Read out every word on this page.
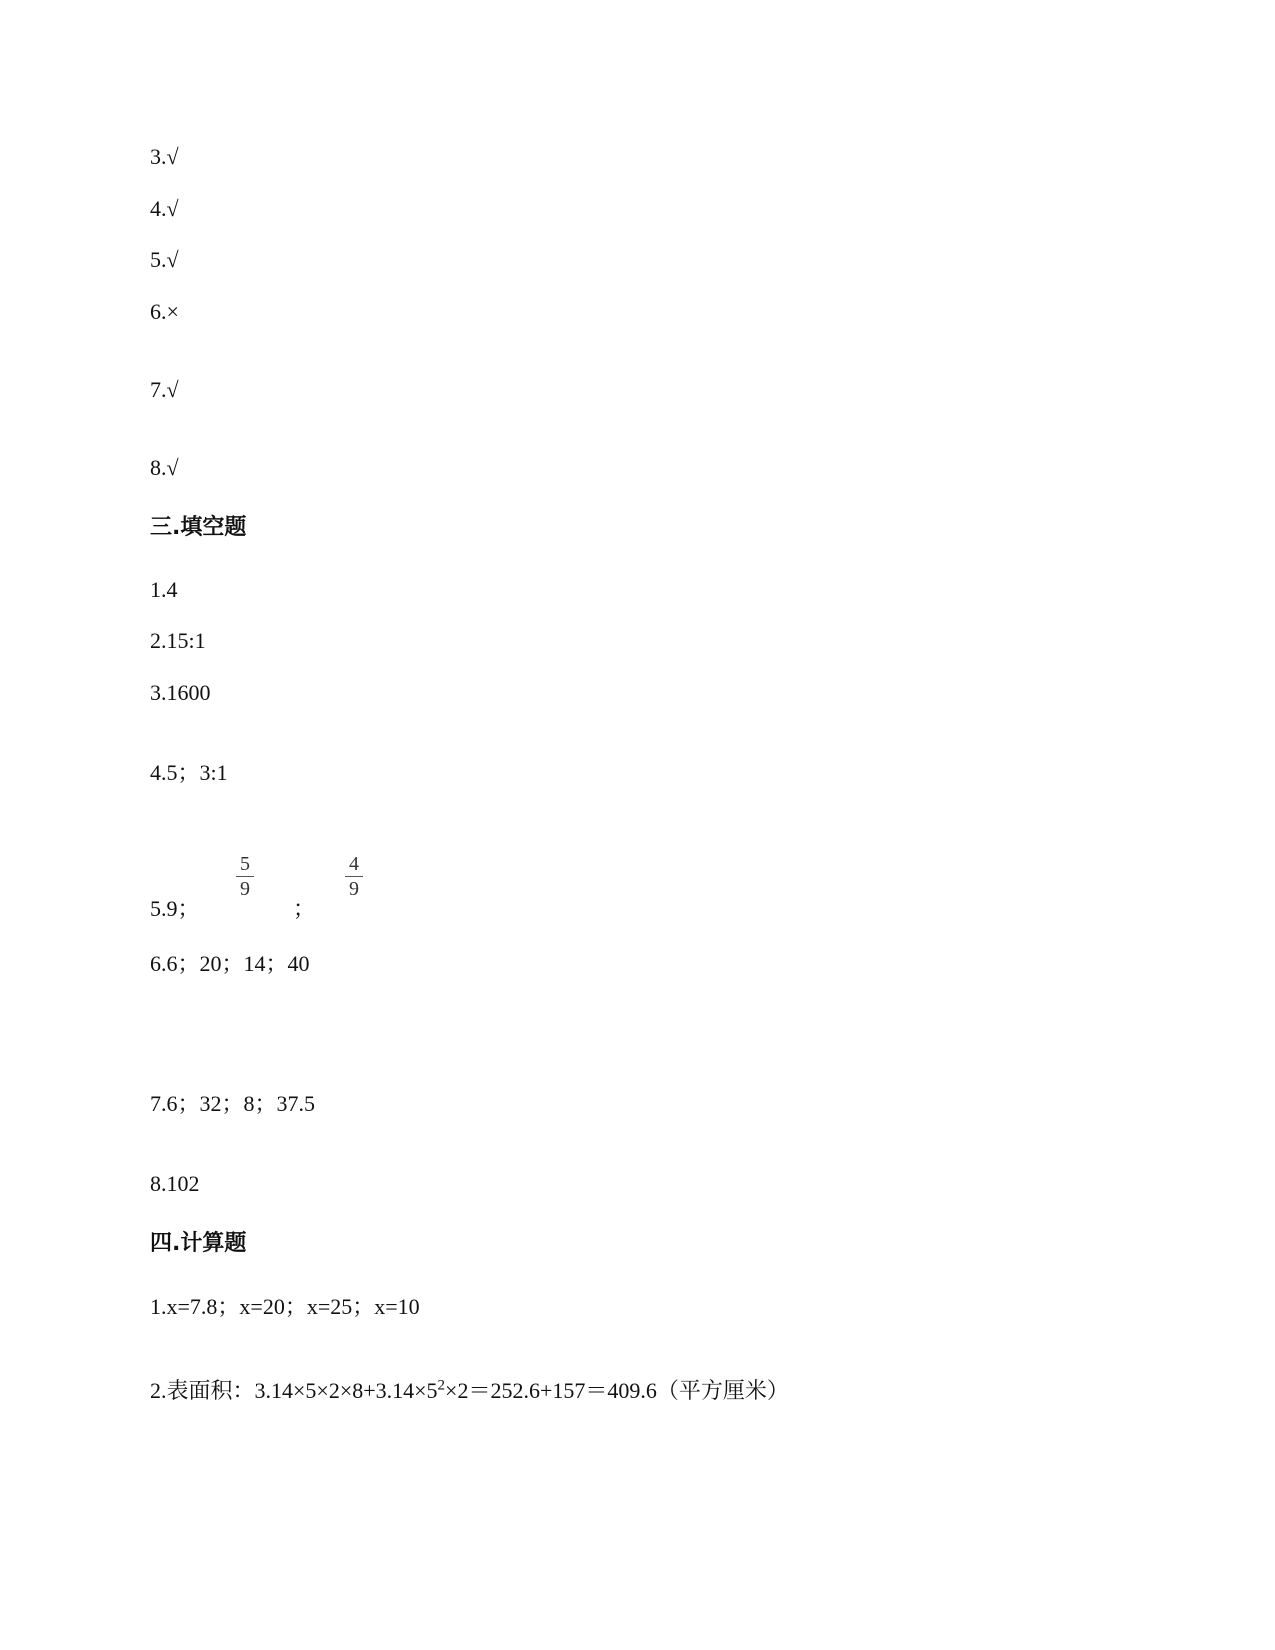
3.√
4.√
5.√
6.×
7.√
8.√
三.填空题
1.4
2.15:1
3.1600
4.5；3:1
5.9；
5
9
；
4
9
6.6；20；14；40
7.6；32；8；37.5
8.102
四.计算题
1.x=7.8；x=20；x=25；x=10
2.表面积：$3.14\times 5\times 2\times 8+3.14\times 5^2\times 2=252.6+157=409.6$（平方厘米）
